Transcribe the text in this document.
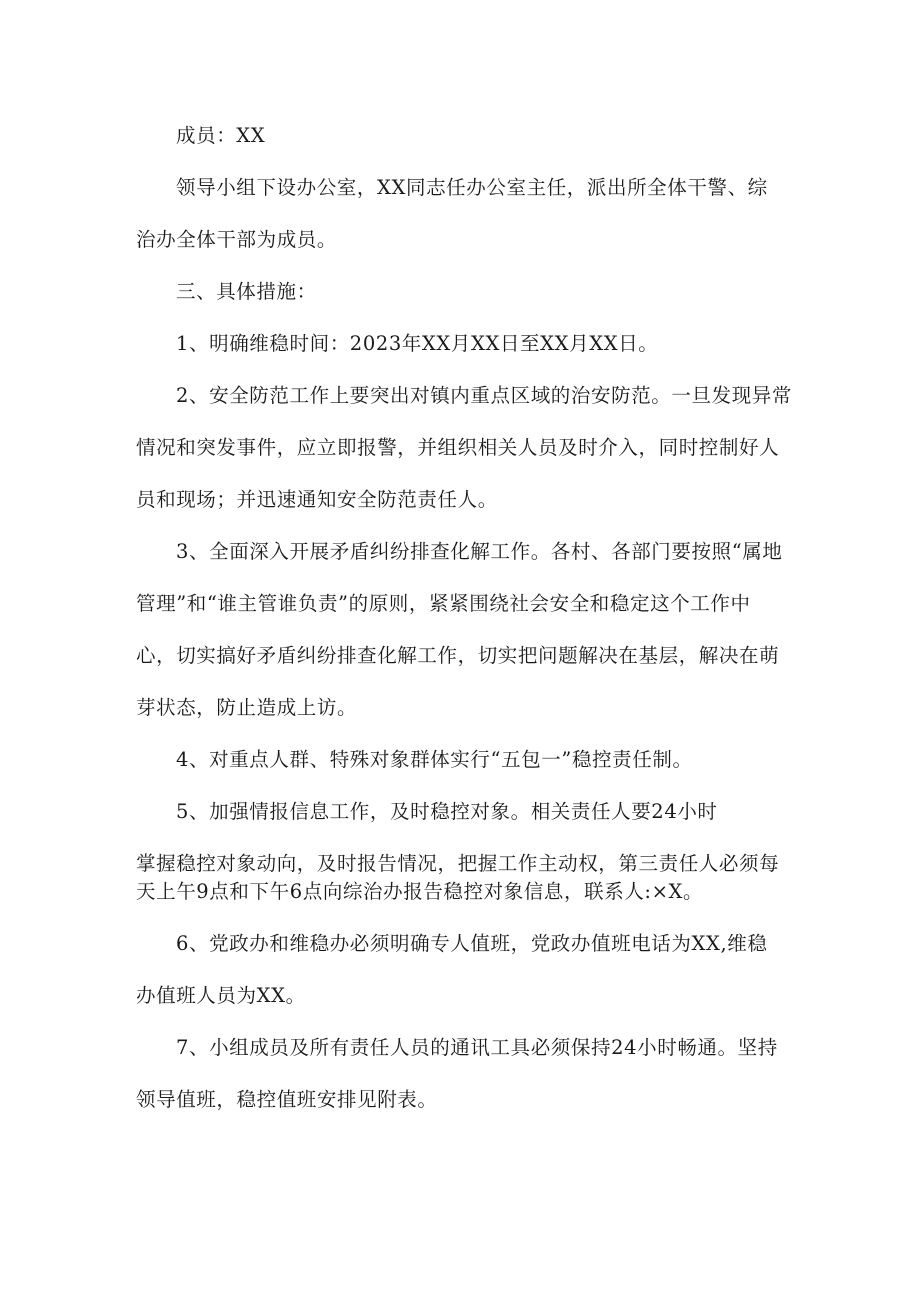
成员：XX
领导小组下设办公室，XX同志任办公室主任，派出所全体干警、综
治办全体干部为成员。
三、具体措施：
1、明确维稳时间：2023年XX月XX日至XX月XX日。
2、安全防范工作上要突出对镇内重点区域的治安防范。一旦发现异常
情况和突发事件，应立即报警，并组织相关人员及时介入，同时控制好人
员和现场；并迅速通知安全防范责任人。
3、全面深入开展矛盾纠纷排查化解工作。各村、各部门要按照“属地
管理”和“谁主管谁负责”的原则，紧紧围绕社会安全和稳定这个工作中
心，切实搞好矛盾纠纷排查化解工作，切实把问题解决在基层，解决在萌
芽状态，防止造成上访。
4、对重点人群、特殊对象群体实行“五包一”稳控责任制。
5、加强情报信息工作，及时稳控对象。相关责任人要24小时
掌握稳控对象动向，及时报告情况，把握工作主动权，第三责任人必须每
天上午9点和下午6点向综治办报告稳控对象信息，联系人:×X。
6、党政办和维稳办必须明确专人值班，党政办值班电话为XX,维稳
办值班人员为XX。
7、小组成员及所有责任人员的通讯工具必须保持24小时畅通。坚持
领导值班，稳控值班安排见附表。
